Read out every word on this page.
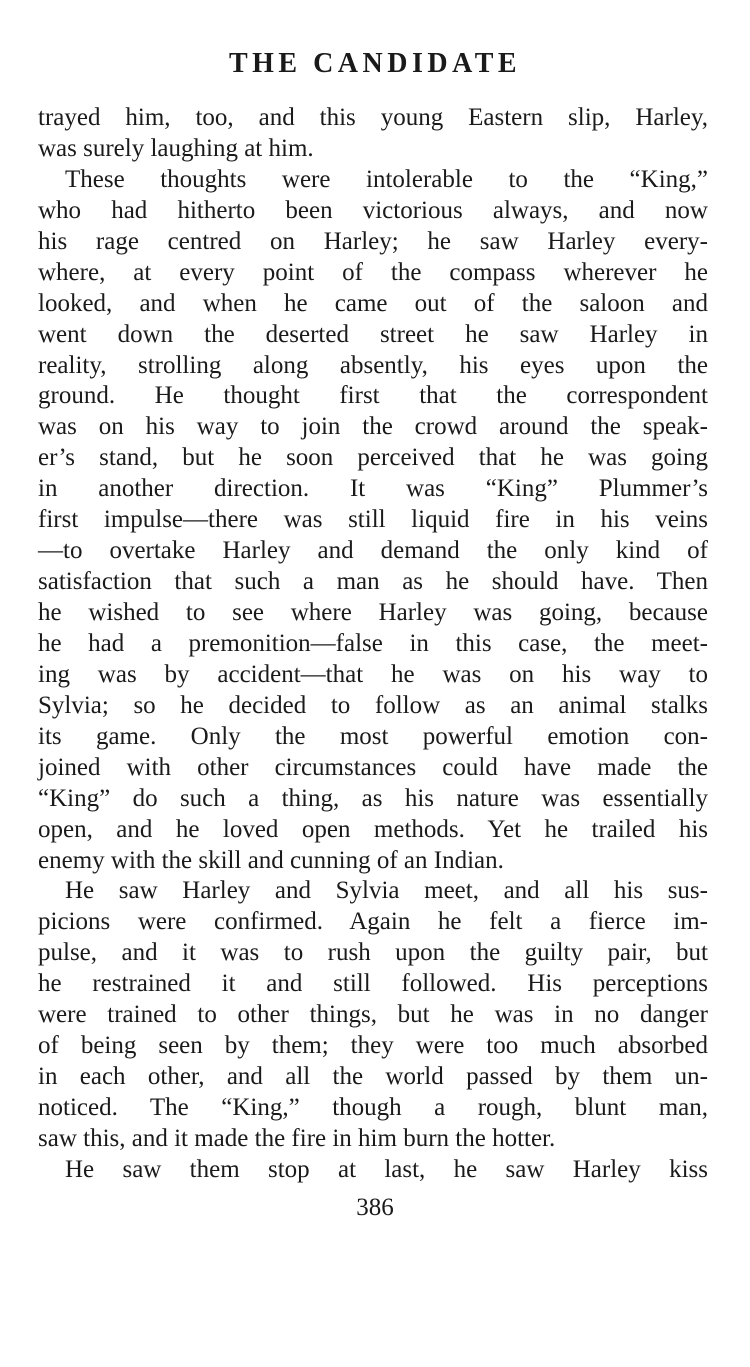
THE CANDIDATE
trayed him, too, and this young Eastern slip, Harley,
was surely laughing at him.
These thoughts were intolerable to the “King,”
who had hitherto been victorious always, and now
his rage centred on Harley; he saw Harley every-
where, at every point of the compass wherever he
looked, and when he came out of the saloon and
went down the deserted street he saw Harley in
reality, strolling along absently, his eyes upon the
ground. He thought first that the correspondent
was on his way to join the crowd around the speak-
er’s stand, but he soon perceived that he was going
in another direction. It was “King” Plummer’s
first impulse—there was still liquid fire in his veins
—to overtake Harley and demand the only kind of
satisfaction that such a man as he should have. Then
he wished to see where Harley was going, because
he had a premonition—false in this case, the meet-
ing was by accident—that he was on his way to
Sylvia; so he decided to follow as an animal stalks
its game. Only the most powerful emotion con-
joined with other circumstances could have made the
“King” do such a thing, as his nature was essentially
open, and he loved open methods. Yet he trailed his
enemy with the skill and cunning of an Indian.
He saw Harley and Sylvia meet, and all his sus-
picions were confirmed. Again he felt a fierce im-
pulse, and it was to rush upon the guilty pair, but
he restrained it and still followed. His perceptions
were trained to other things, but he was in no danger
of being seen by them; they were too much absorbed
in each other, and all the world passed by them un-
noticed. The “King,” though a rough, blunt man,
saw this, and it made the fire in him burn the hotter.
He saw them stop at last, he saw Harley kiss
386
